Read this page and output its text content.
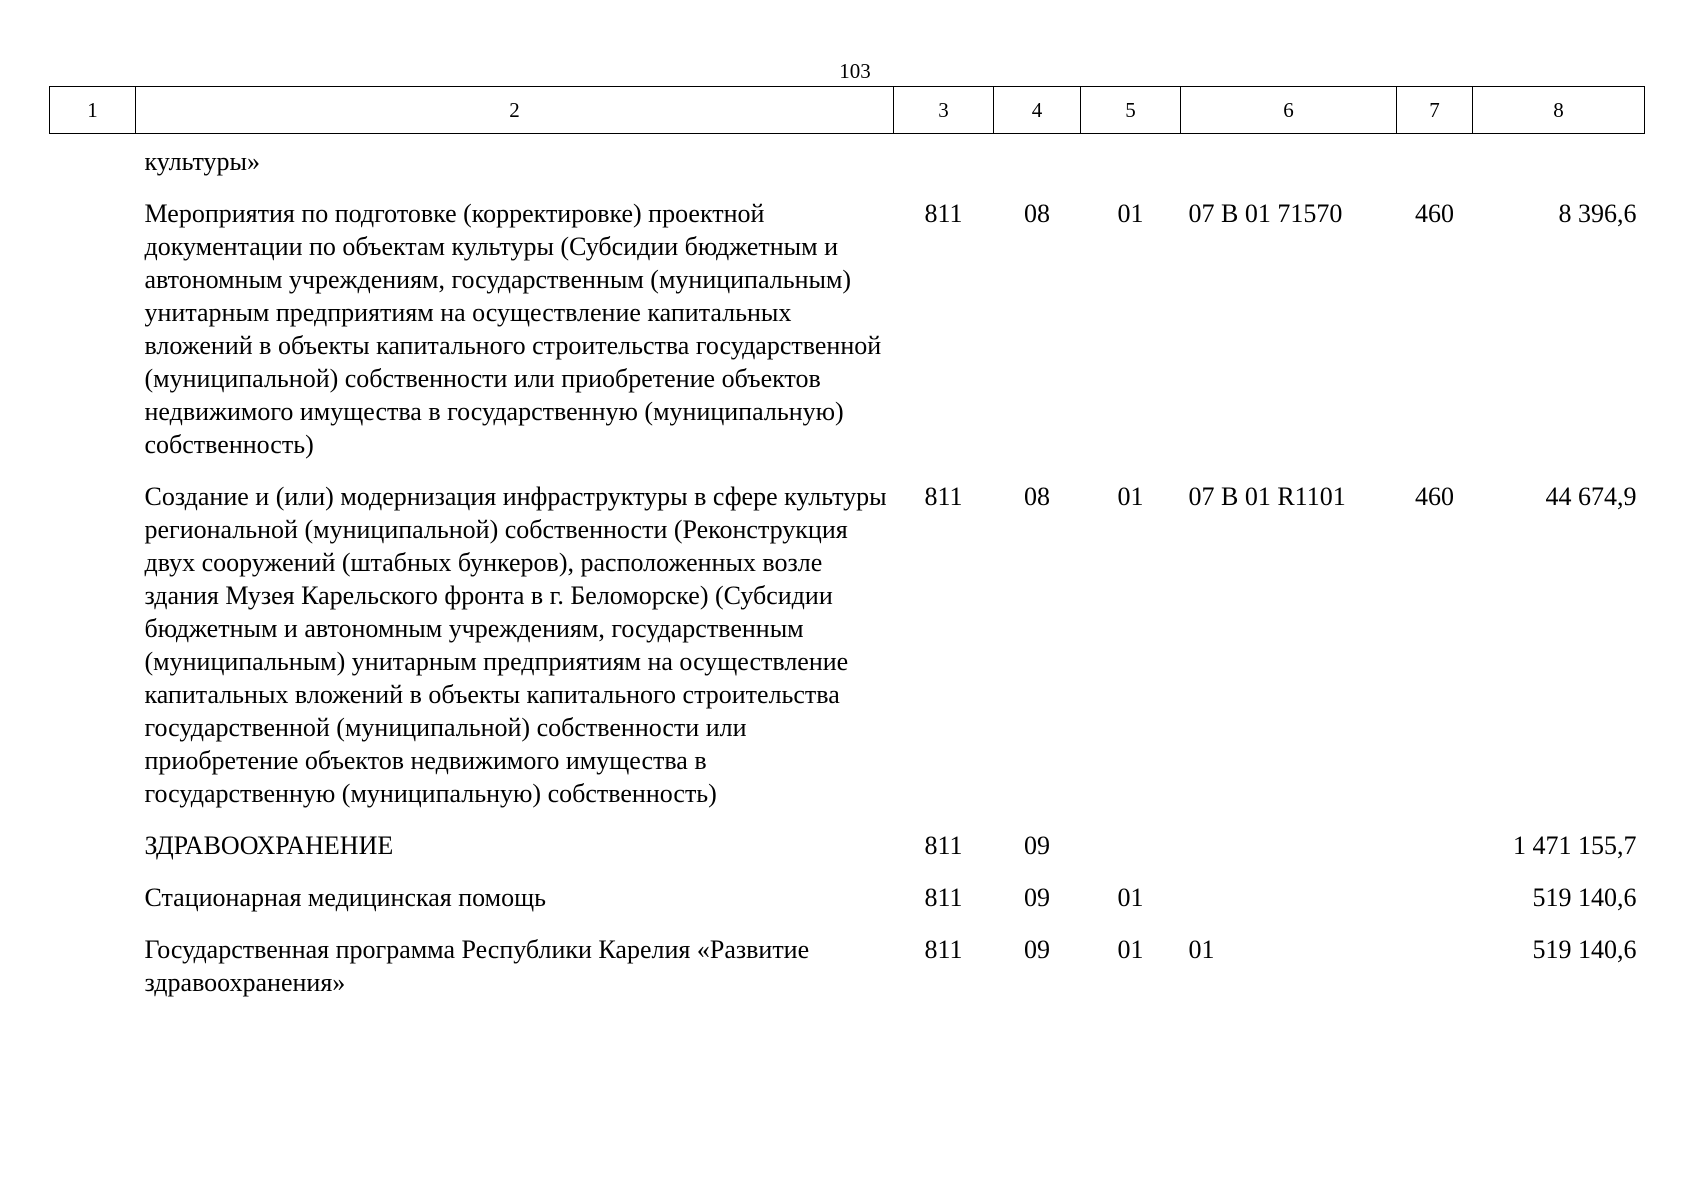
103
1	2	3	4	5	6	7	8
	культуры»						
	Мероприятия по подготовке (корректировке) проектной документации по объектам культуры (Субсидии бюджетным и автономным учреждениям, государственным (муниципальным) унитарным предприятиям на осуществление капитальных вложений в объекты капитального строительства государственной (муниципальной) собственности или приобретение объектов недвижимого имущества в государственную (муниципальную) собственность)	811	08	01	07 В 01 71570	460	8 396,6
	Создание и (или) модернизация инфраструктуры в сфере культуры региональной (муниципальной) собственности (Реконструкция двух сооружений (штабных бункеров), расположенных возле здания Музея Карельского фронта в г. Беломорске) (Субсидии бюджетным и автономным учреждениям, государственным (муниципальным) унитарным предприятиям на осуществление капитальных вложений в объекты капитального строительства государственной (муниципальной) собственности или приобретение объектов недвижимого имущества в государственную (муниципальную) собственность)	811	08	01	07 В 01 R1101	460	44 674,9
	ЗДРАВООХРАНЕНИЕ	811	09				1 471 155,7
	Стационарная медицинская помощь	811	09	01			519 140,6
	Государственная программа Республики Карелия «Развитие здравоохранения»	811	09	01	01		519 140,6
